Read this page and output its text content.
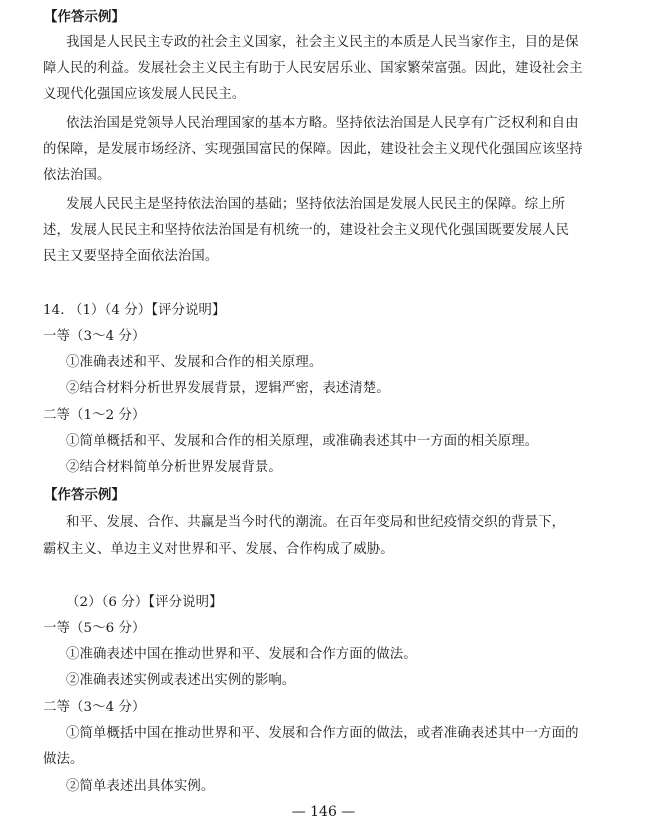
【作答示例】
我国是人民民主专政的社会主义国家，社会主义民主的本质是人民当家作主，目的是保
障人民的利益。发展社会主义民主有助于人民安居乐业、国家繁荣富强。因此，建设社会主
义现代化强国应该发展人民民主。
依法治国是党领导人民治理国家的基本方略。坚持依法治国是人民享有广泛权利和自由
的保障，是发展市场经济、实现强国富民的保障。因此，建设社会主义现代化强国应该坚持
依法治国。
发展人民民主是坚持依法治国的基础；坚持依法治国是发展人民民主的保障。综上所
述，发展人民民主和坚持依法治国是有机统一的，建设社会主义现代化强国既要发展人民
民主又要坚持全面依法治国。
14. （1）（4 分）【评分说明】
一等（3～4 分）
①准确表述和平、发展和合作的相关原理。
②结合材料分析世界发展背景，逻辑严密，表述清楚。
二等（1～2 分）
①简单概括和平、发展和合作的相关原理，或准确表述其中一方面的相关原理。
②结合材料简单分析世界发展背景。
【作答示例】
和平、发展、合作、共赢是当今时代的潮流。在百年变局和世纪疫情交织的背景下，
霸权主义、单边主义对世界和平、发展、合作构成了威胁。
（2）（6 分）【评分说明】
一等（5～6 分）
①准确表述中国在推动世界和平、发展和合作方面的做法。
②准确表述实例或表述出实例的影响。
二等（3～4 分）
①简单概括中国在推动世界和平、发展和合作方面的做法，或者准确表述其中一方面的
做法。
②简单表述出具体实例。
— 146 —
